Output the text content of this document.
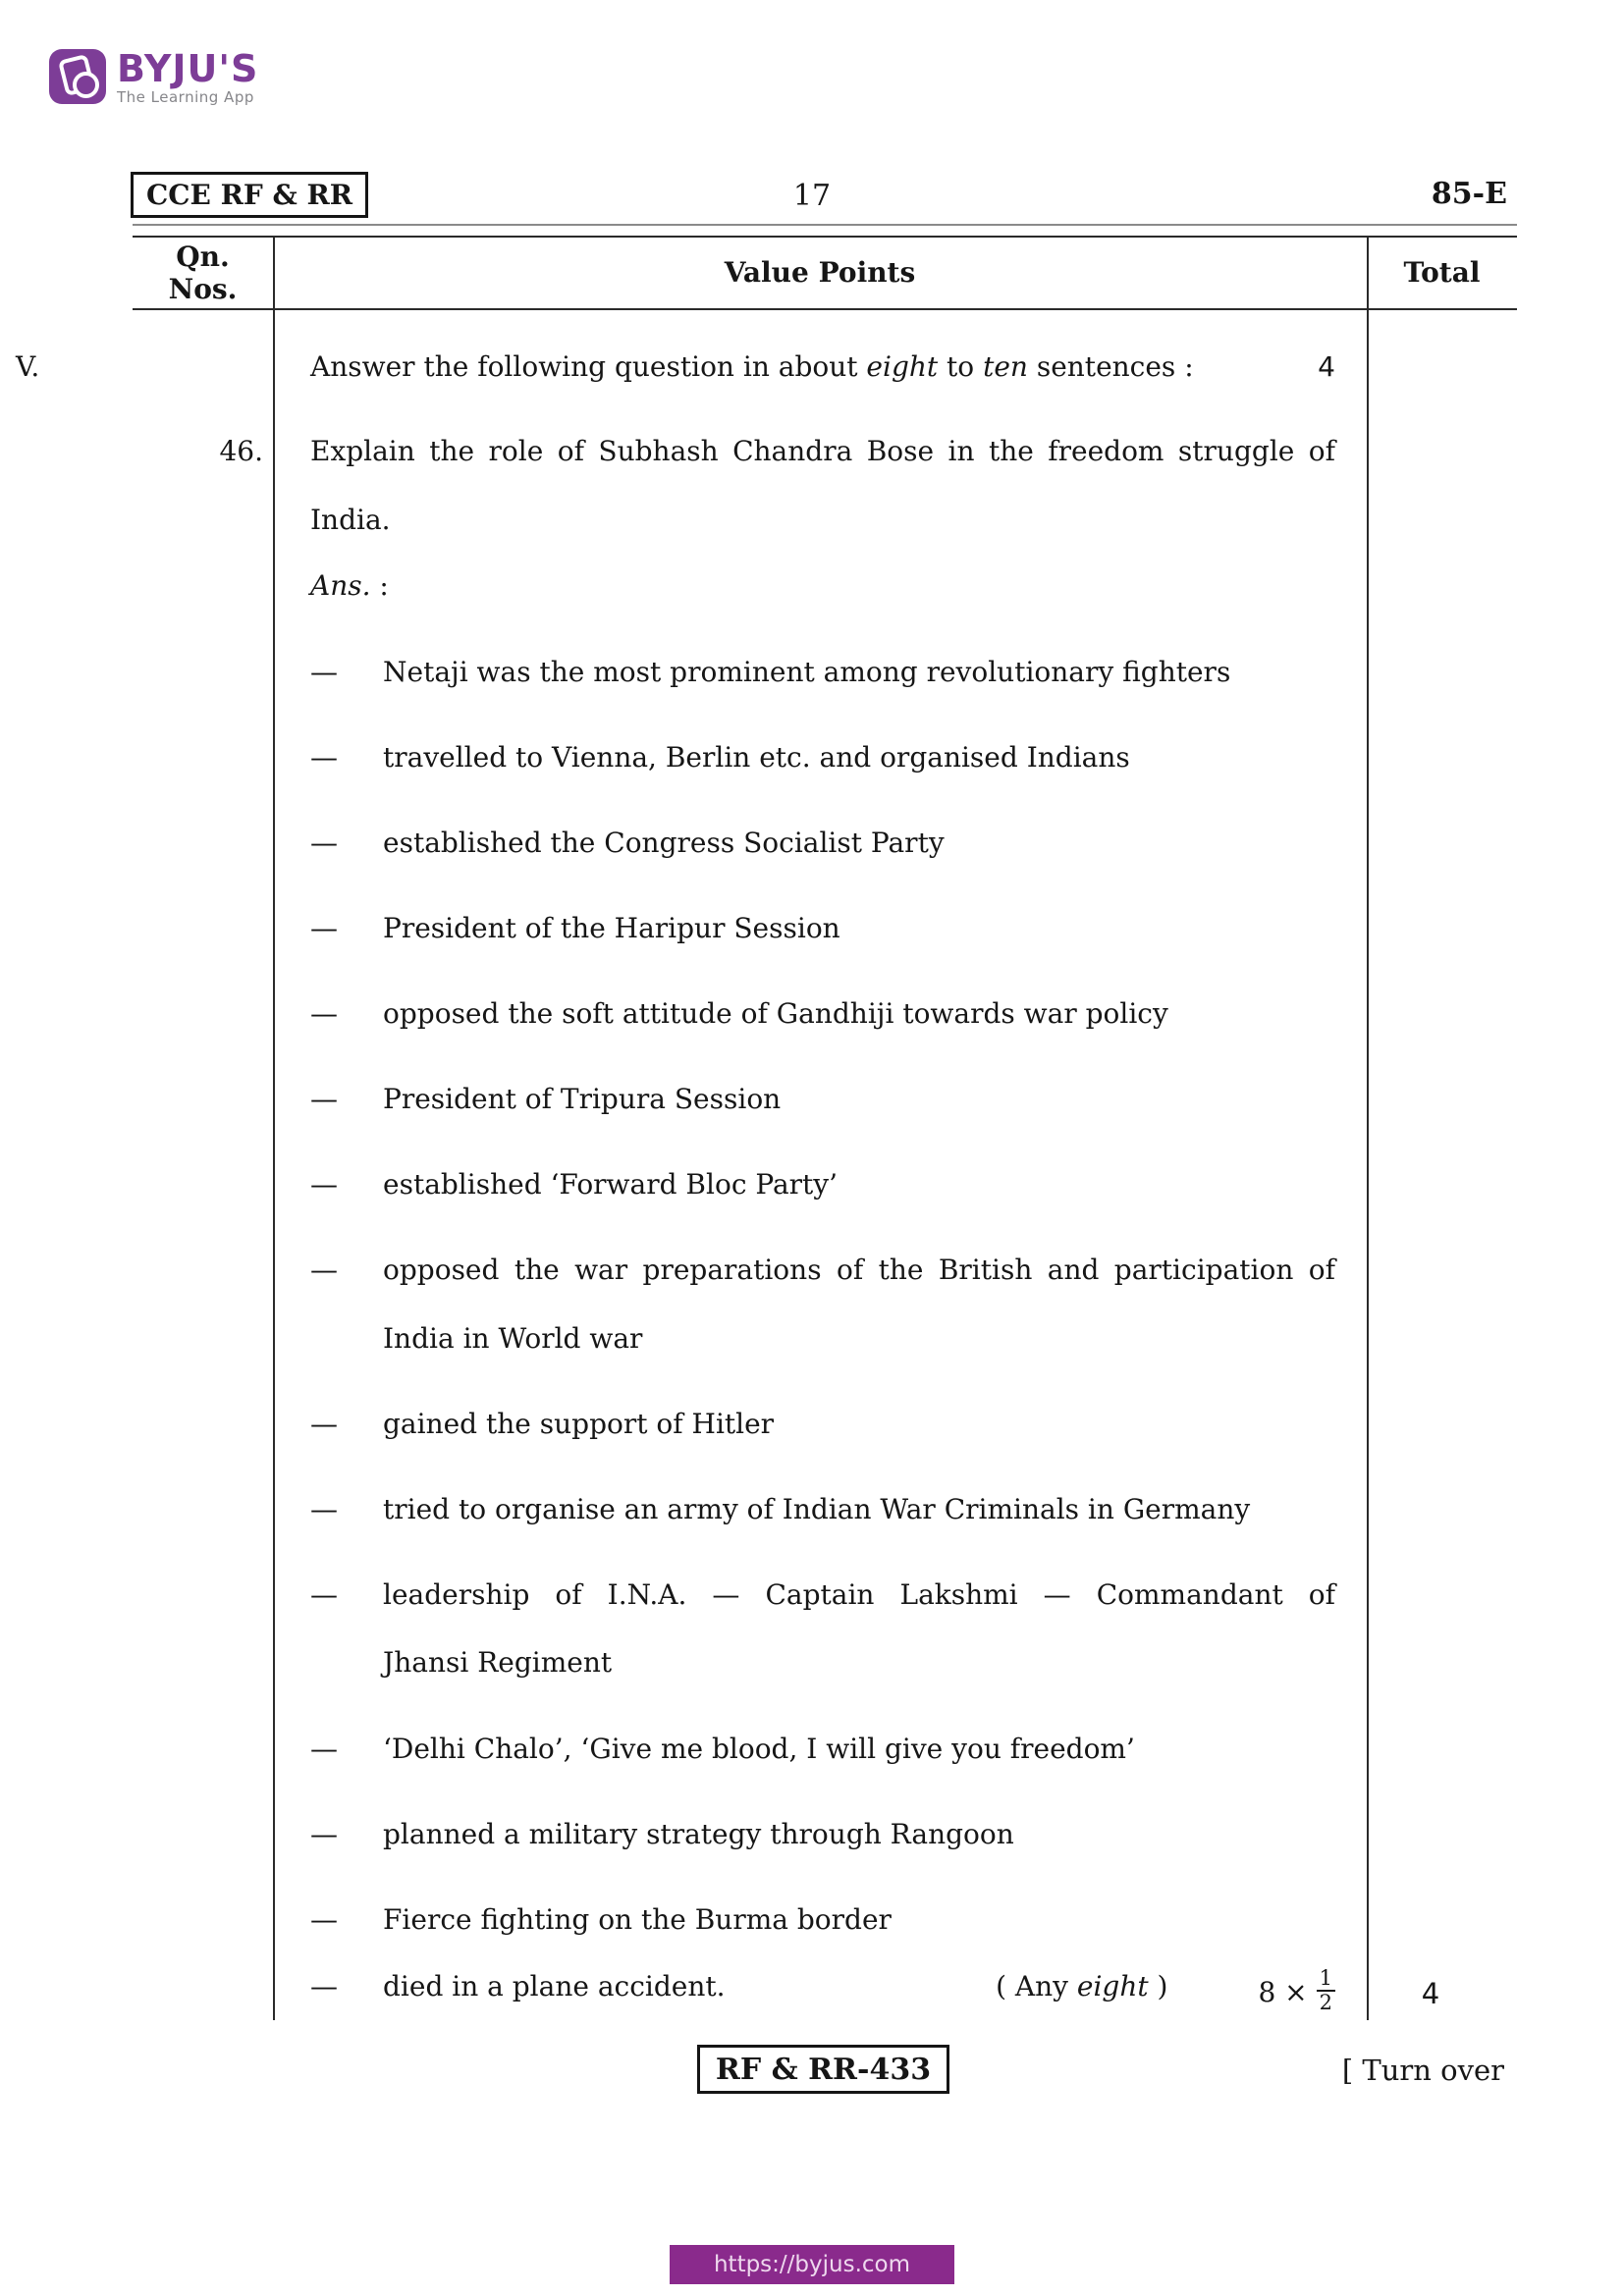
BYJU'S
The Learning App
CCE RF & RR	17	85-E
Qn.
Nos.	Value Points	Total
V.	Answer the following question in about eight to ten sentences :	4
46.	Explain the role of Subhash Chandra Bose in the freedom struggle of
India.
Ans. :
—	Netaji was the most prominent among revolutionary fighters
—	travelled to Vienna, Berlin etc. and organised Indians
—	established the Congress Socialist Party
—	President of the Haripur Session
—	opposed the soft attitude of Gandhiji towards war policy
—	President of Tripura Session
—	established ‘Forward Bloc Party’
—	opposed the war preparations of the British and participation of
India in World war
—	gained the support of Hitler
—	tried to organise an army of Indian War Criminals in Germany
—	leadership of I.N.A. — Captain Lakshmi — Commandant of
Jhansi Regiment
—	‘Delhi Chalo’, ‘Give me blood, I will give you freedom’
—	planned a military strategy through Rangoon
—	Fierce fighting on the Burma border
—	died in a plane accident.	( Any eight )	$8 \times \frac{1}{2}$	4
RF & RR-433	[ Turn over
https://byjus.com
